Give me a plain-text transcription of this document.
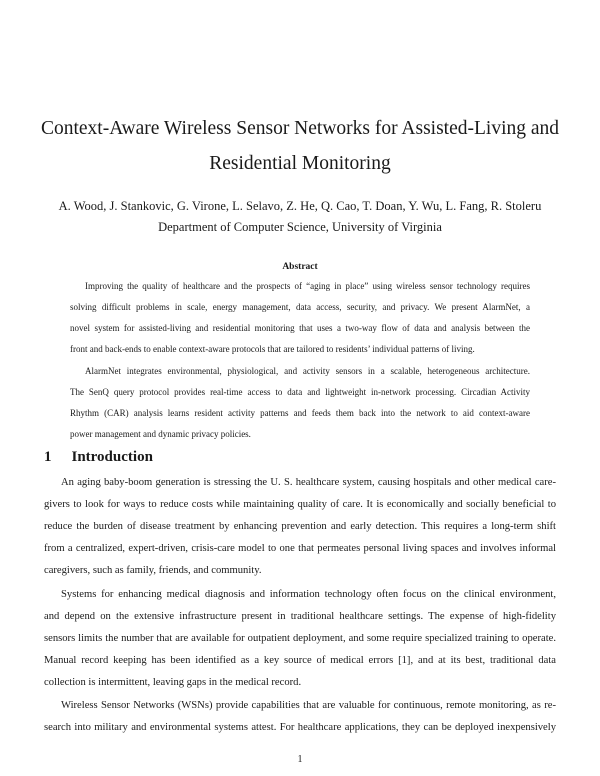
Context-Aware Wireless Sensor Networks for Assisted-Living and
Residential Monitoring
A. Wood, J. Stankovic, G. Virone, L. Selavo, Z. He, Q. Cao, T. Doan, Y. Wu, L. Fang, R. Stoleru
Department of Computer Science, University of Virginia
Abstract
Improving the quality of healthcare and the prospects of “aging in place” using wireless sensor technology requires
solving difficult problems in scale, energy management, data access, security, and privacy. We present AlarmNet, a
novel system for assisted-living and residential monitoring that uses a two-way flow of data and analysis between the
front and back-ends to enable context-aware protocols that are tailored to residents’ individual patterns of living.
AlarmNet integrates environmental, physiological, and activity sensors in a scalable, heterogeneous architecture.
The SenQ query protocol provides real-time access to data and lightweight in-network processing. Circadian Activity
Rhythm (CAR) analysis learns resident activity patterns and feeds them back into the network to aid context-aware
power management and dynamic privacy policies.
1 Introduction
An aging baby-boom generation is stressing the U. S. healthcare system, causing hospitals and other medical care-
givers to look for ways to reduce costs while maintaining quality of care. It is economically and socially beneficial to
reduce the burden of disease treatment by enhancing prevention and early detection. This requires a long-term shift
from a centralized, expert-driven, crisis-care model to one that permeates personal living spaces and involves informal
caregivers, such as family, friends, and community.
Systems for enhancing medical diagnosis and information technology often focus on the clinical environment,
and depend on the extensive infrastructure present in traditional healthcare settings. The expense of high-fidelity
sensors limits the number that are available for outpatient deployment, and some require specialized training to operate.
Manual record keeping has been identified as a key source of medical errors [1], and at its best, traditional data
collection is intermittent, leaving gaps in the medical record.
Wireless Sensor Networks (WSNs) provide capabilities that are valuable for continuous, remote monitoring, as re-
search into military and environmental systems attest. For healthcare applications, they can be deployed inexpensively
1
